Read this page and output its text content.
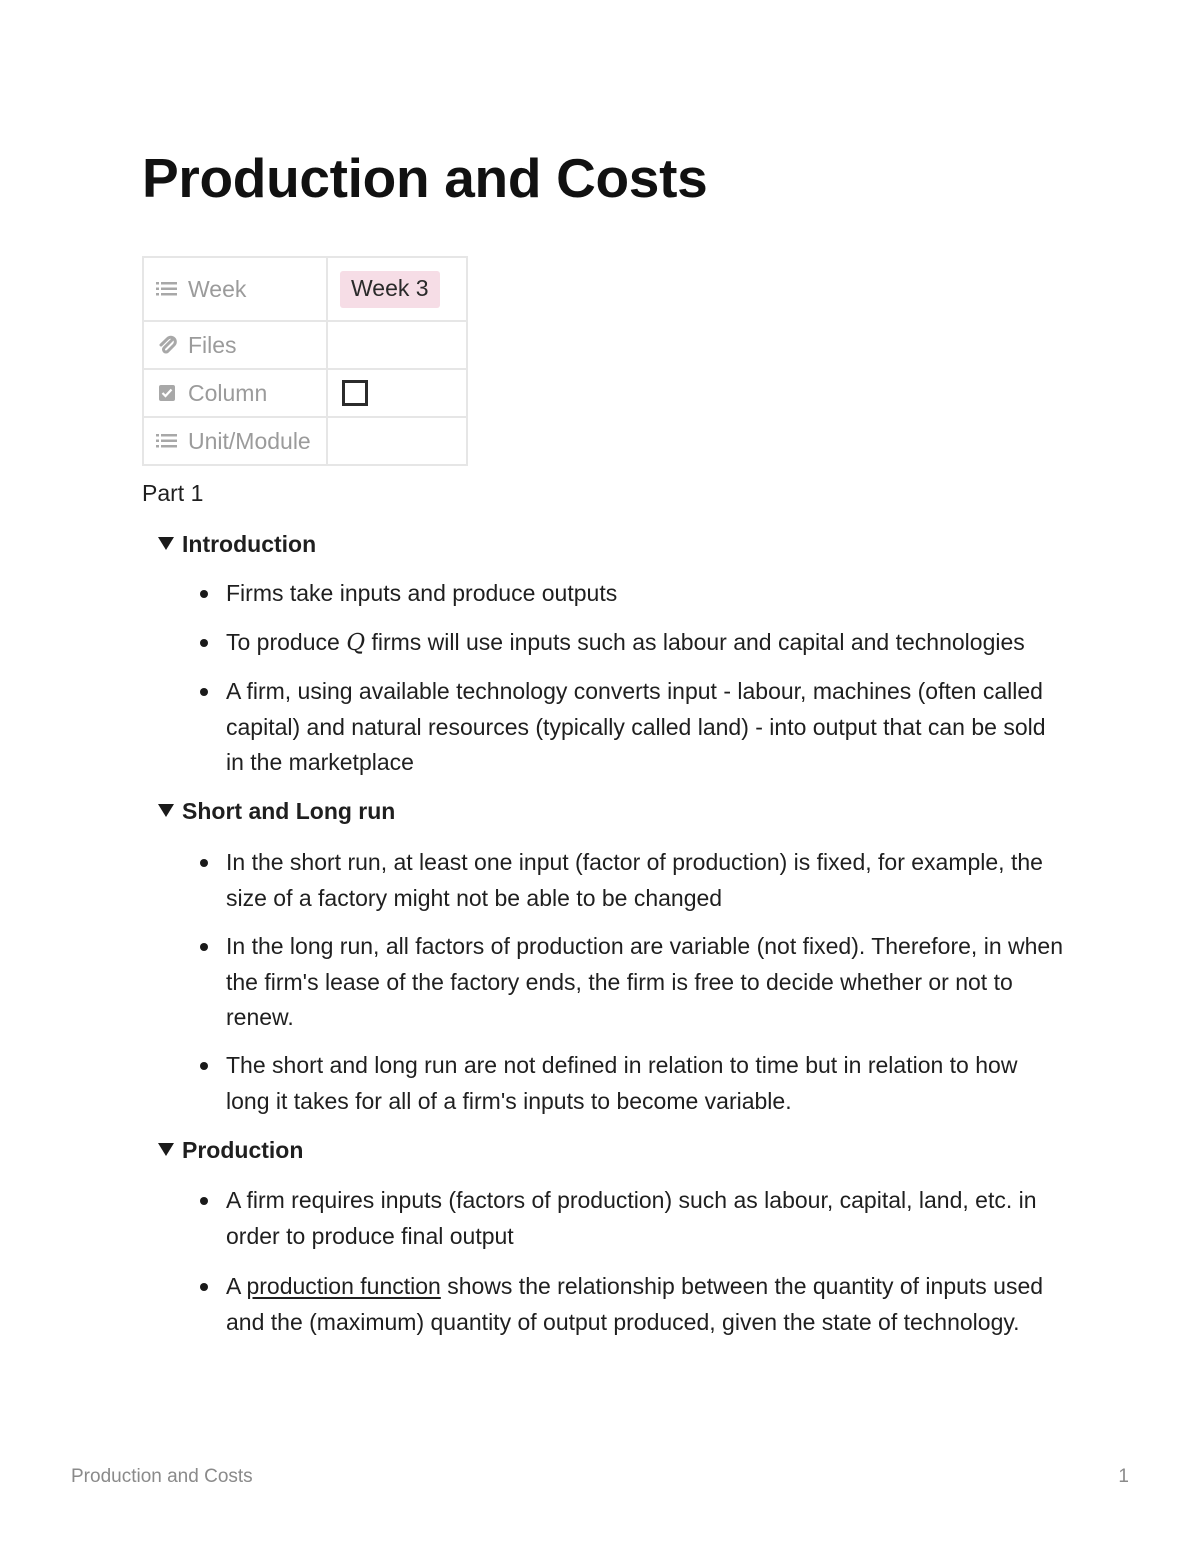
Production and Costs
Week	Week 3

Files	

Column	

Unit/Module	

Part 1
Introduction
Firms take inputs and produce outputs
To produce Q firms will use inputs such as labour and capital and technologies
A firm, using available technology converts input - labour, machines (often called capital) and natural resources (typically called land) - into output that can be sold in the marketplace
Short and Long run
In the short run, at least one input (factor of production) is fixed, for example, the size of a factory might not be able to be changed
In the long run, all factors of production are variable (not fixed). Therefore, in when the firm's lease of the factory ends, the firm is free to decide whether or not to renew.
The short and long run are not defined in relation to time but in relation to how long it takes for all of a firm's inputs to become variable.
Production
A firm requires inputs (factors of production) such as labour, capital, land, etc. in order to produce final output
A production function shows the relationship between the quantity of inputs used and the (maximum) quantity of output produced, given the state of technology.
Production and Costs	1
